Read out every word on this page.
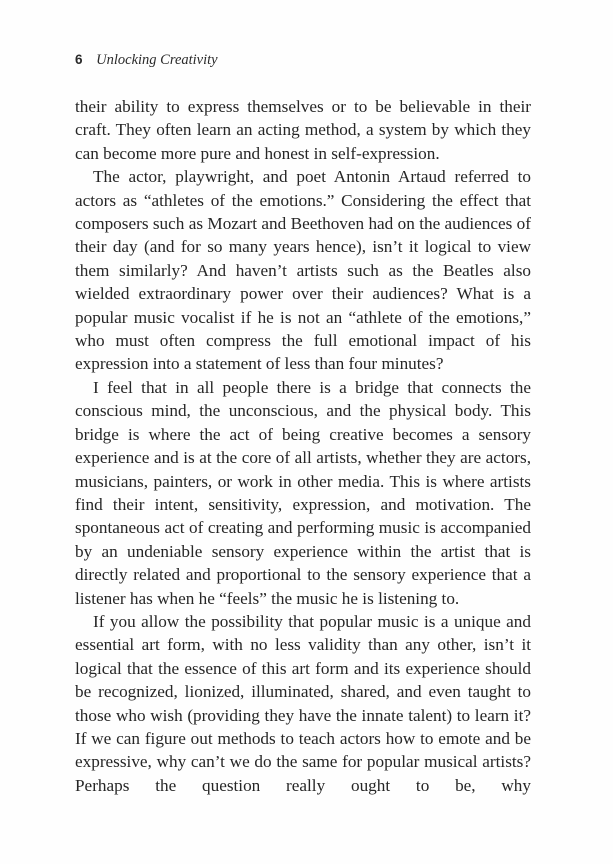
6 Unlocking Creativity

their ability to express themselves or to be believable in their craft. They often learn an acting method, a system by which they can become more pure and honest in self-expression.

The actor, playwright, and poet Antonin Artaud referred to actors as “athletes of the emotions.” Considering the effect that composers such as Mozart and Beethoven had on the audiences of their day (and for so many years hence), isn’t it logical to view them similarly? And haven’t artists such as the Beatles also wielded extraordinary power over their audiences? What is a popular music vocalist if he is not an “athlete of the emotions,” who must often compress the full emotional impact of his expression into a statement of less than four minutes?

I feel that in all people there is a bridge that connects the conscious mind, the unconscious, and the physical body. This bridge is where the act of being creative becomes a sensory experience and is at the core of all artists, whether they are actors, musicians, painters, or work in other media. This is where artists find their intent, sensitivity, expression, and motivation. The spontaneous act of creating and performing music is accompanied by an undeniable sensory experience within the artist that is directly related and proportional to the sensory experience that a listener has when he “feels” the music he is listening to.

If you allow the possibility that popular music is a unique and essential art form, with no less validity than any other, isn’t it logical that the essence of this art form and its experience should be recognized, lionized, illuminated, shared, and even taught to those who wish (providing they have the innate talent) to learn it? If we can figure out methods to teach actors how to emote and be expressive, why can’t we do the same for popular musical artists? Perhaps the question really ought to be, why
